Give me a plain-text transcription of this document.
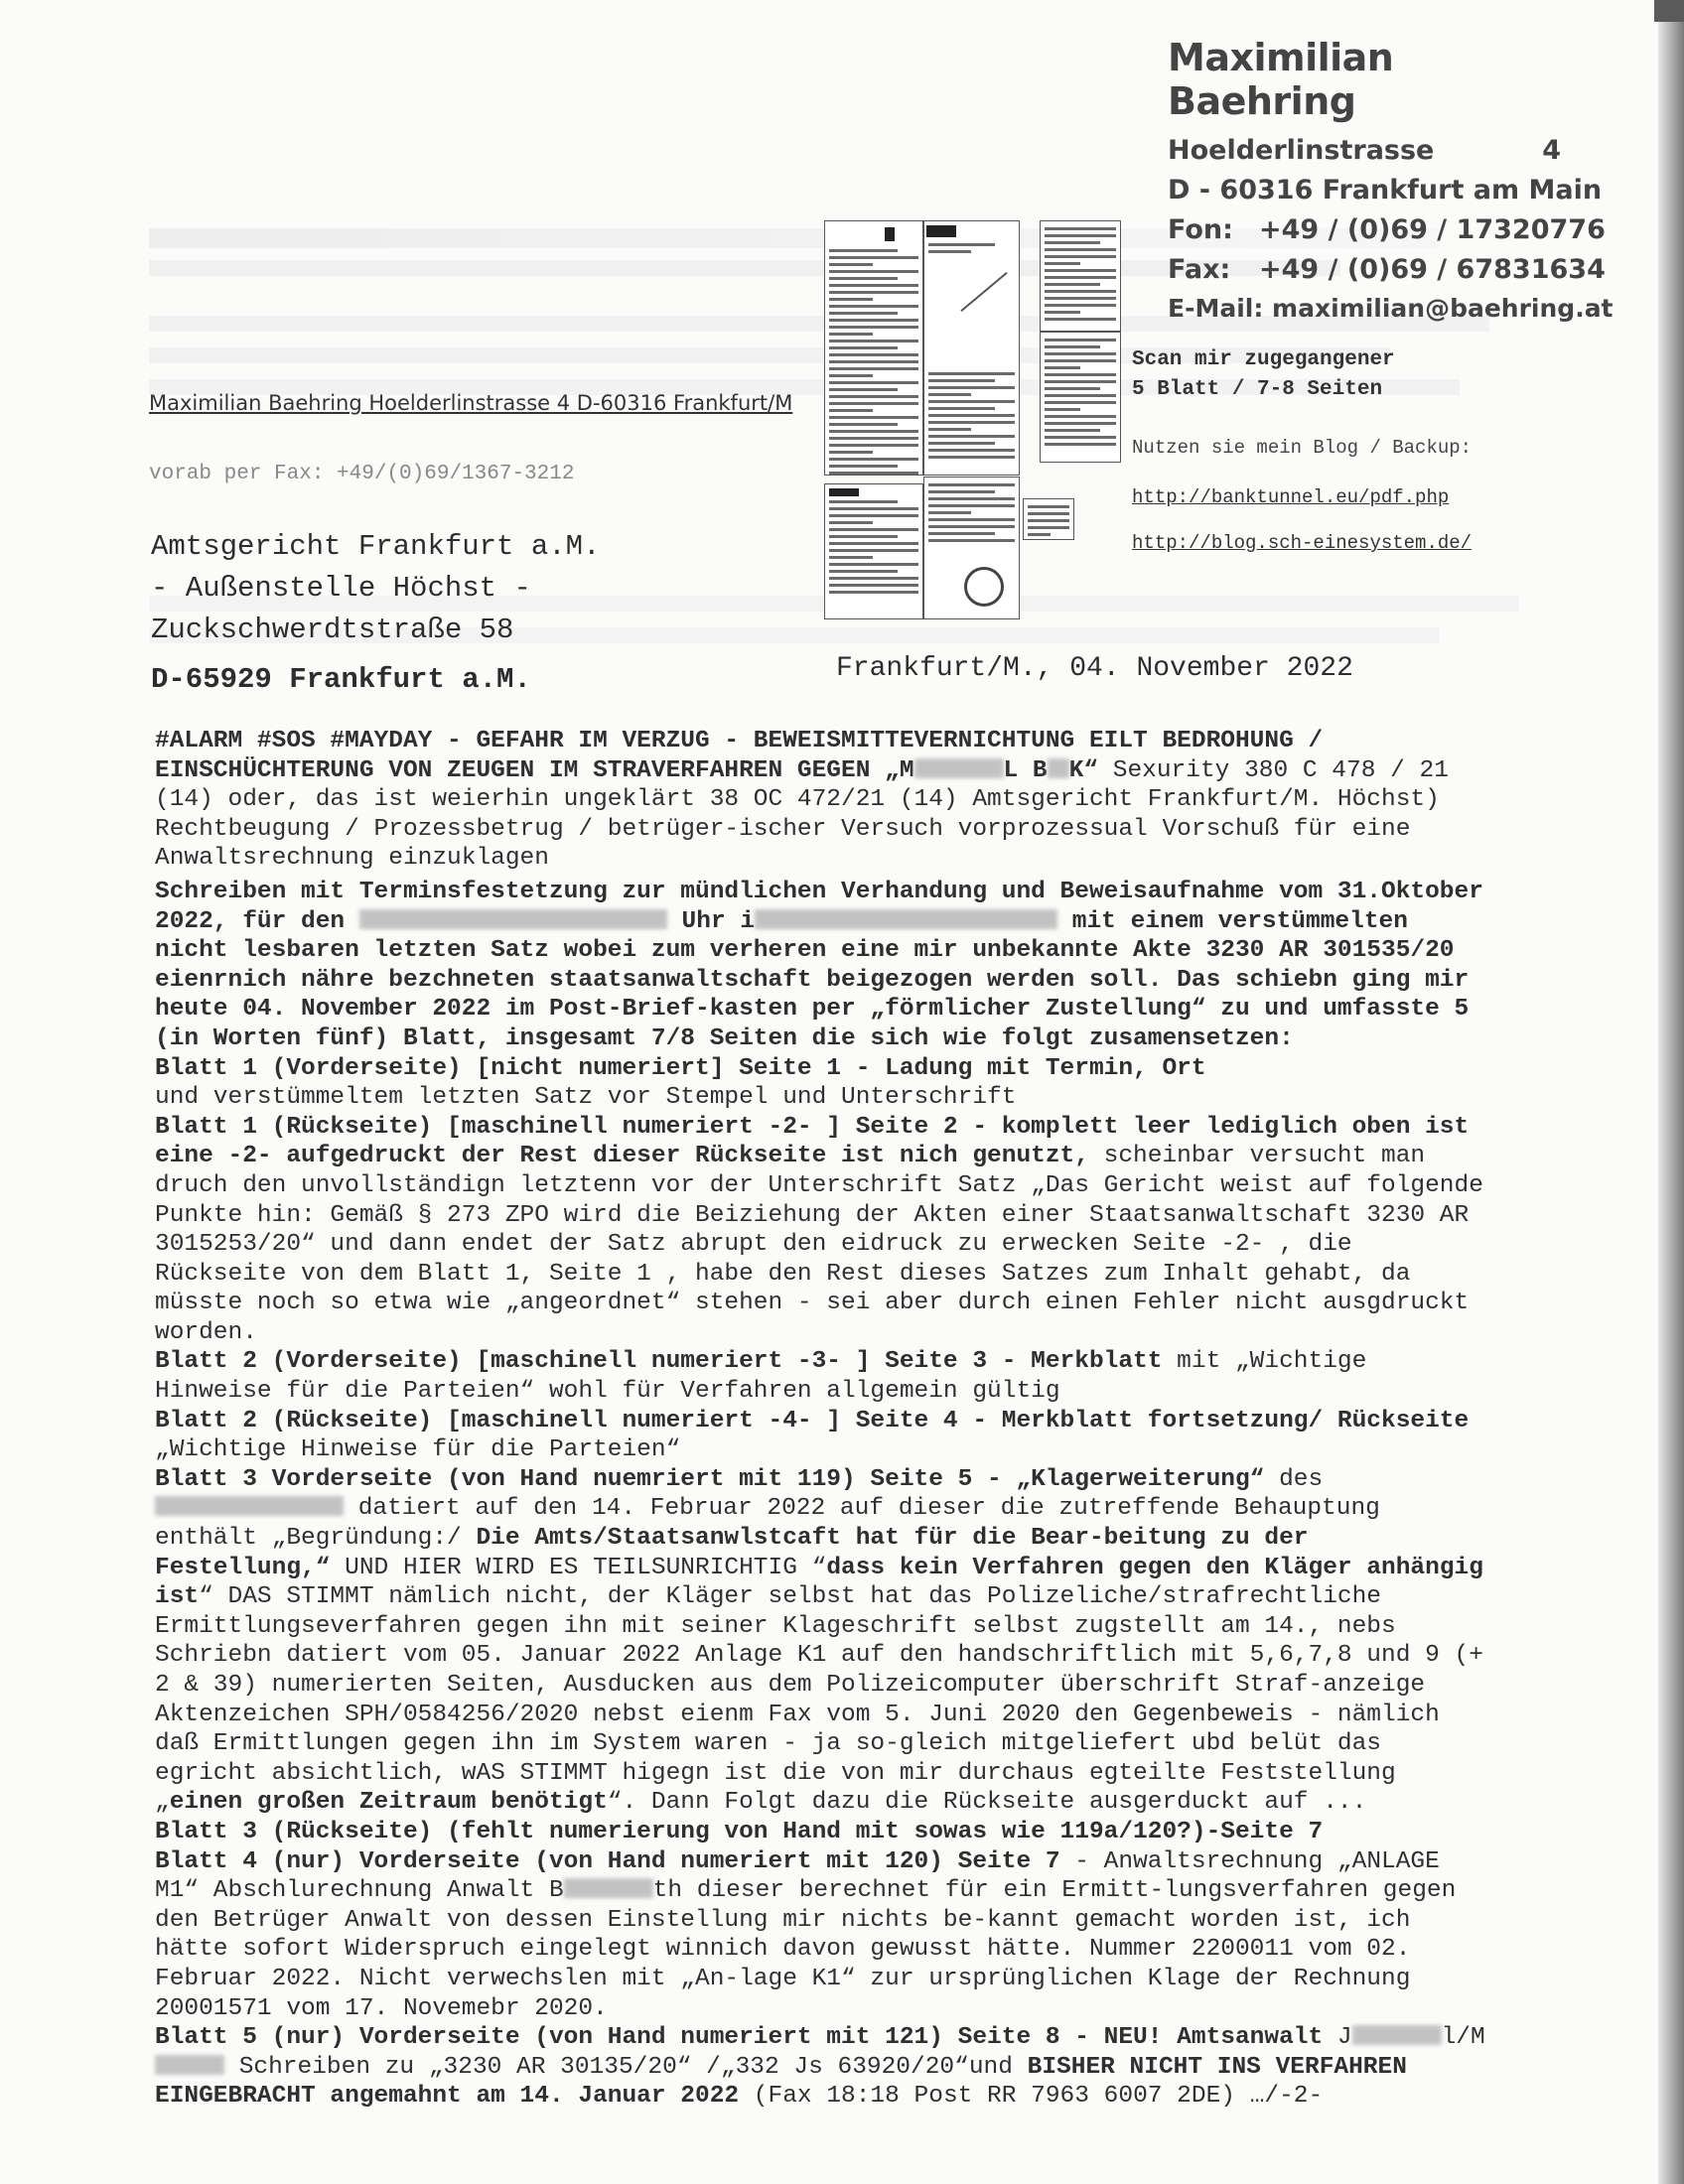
Maximilian Baehring
Hoelderlinstrasse	4
D - 60316 Frankfurt am Main
Fon: +49 / (0)69 / 17320776
Fax: +49 / (0)69 / 67831634
E-Mail: maximilian@baehring.at
Scan mir zugegangener
5 Blatt / 7-8 Seiten
Nutzen sie mein Blog / Backup:
http://banktunnel.eu/pdf.php
http://blog.sch-einesystem.de/
Maximilian Baehring Hoelderlinstrasse 4 D-60316 Frankfurt/M
vorab per Fax: +49/(0)69/1367-3212
Amtsgericht Frankfurt a.M.
- Außenstelle Höchst -
Zuckschwerdtstraße 58
D-65929 Frankfurt a.M.	Frankfurt/M., 04. November 2022

#ALARM #SOS #MAYDAY - GEFAHR IM VERZUG - BEWEISMITTEVERNICHTUNG EILT BEDROHUNG / EINSCHÜCHTERUNG VON ZEUGEN IM STRAVERFAHREN GEGEN „M	L B K“ Sexurity 380 C 478 / 21 (14) oder, das ist weierhin ungeklärt 38 OC 472/21 (14) Amtsgericht Frankfurt/M. Höchst) Rechtbeugung / Prozessbetrug / betrüger-ischer Versuch vorprozessual Vorschuß für eine Anwaltsrechnung einzuklagen

Schreiben mit Terminsfestetzung zur mündlichen Verhandung und Beweisaufnahme vom 31.Oktober 2022, für den	Uhr i	mit einem verstümmelten nicht lesbaren letzten Satz wobei zum verheren eine mir unbekannte Akte 3230 AR 301535/20 eienrnich nähre bezchneten staatsanwaltschaft beigezogen werden soll. Das schiebn ging mir heute 04. November 2022 im Post-Brief-kasten per „förmlicher Zustellung“ zu und umfasste 5 (in Worten fünf) Blatt, insgesamt 7/8 Seiten die sich wie folgt zusamensetzen:

Blatt 1 (Vorderseite) [nicht numeriert] Seite 1 - Ladung mit Termin, Ort
und verstümmeltem letzten Satz vor Stempel und Unterschrift

Blatt 1 (Rückseite) [maschinell numeriert -2- ] Seite 2 - komplett leer lediglich oben ist eine -2- aufgedruckt der Rest dieser Rückseite ist nich genutzt, scheinbar versucht man druch den unvollständign letztenn vor der Unterschrift Satz „Das Gericht weist auf folgende Punkte hin: Gemäß § 273 ZPO wird die Beiziehung der Akten einer Staatsanwaltschaft 3230 AR 3015253/20“ und dann endet der Satz abrupt den eidruck zu erwecken Seite -2- , die Rückseite von dem Blatt 1, Seite 1 , habe den Rest dieses Satzes zum Inhalt gehabt, da müsste noch so etwa wie „angeordnet“ stehen - sei aber durch einen Fehler nicht ausgdruckt worden.

Blatt 2 (Vorderseite) [maschinell numeriert -3- ] Seite 3 - Merkblatt mit „Wichtige Hinweise für die Parteien“ wohl für Verfahren allgemein gültig

Blatt 2 (Rückseite) [maschinell numeriert -4- ] Seite 4 - Merkblatt fortsetzung/ Rückseite „Wichtige Hinweise für die Parteien“

Blatt 3 Vorderseite (von Hand nuemriert mit 119) Seite 5 - „Klagerweiterung“ des  datiert auf den 14. Februar 2022 auf dieser die zutreffende Behauptung enthält „Begründung:/ Die Amts/Staatsanwlstcaft hat für die Bear-beitung zu der Festellung,“ UND HIER WIRD ES TEILSUNRICHTIG “dass kein Verfahren gegen den Kläger anhängig ist“ DAS STIMMT nämlich nicht, der Kläger selbst hat das Polizeliche/strafrechtliche Ermittlungseverfahren gegen ihn mit seiner Klageschrift selbst zugstellt am 14., nebs Schriebn datiert vom 05. Januar 2022 Anlage K1 auf den handschriftlich mit 5,6,7,8 und 9 (+ 2 & 39) numerierten Seiten, Ausducken aus dem Polizeicomputer überschrift Straf-anzeige Aktenzeichen SPH/0584256/2020 nebst eienm Fax vom 5. Juni 2020 den Gegenbeweis - nämlich daß Ermittlungen gegen ihn im System waren - ja so-gleich mitgeliefert ubd belüt das egricht absichtlich, wAS STIMMT higegn ist die von mir durchaus egteilte Feststellung „einen großen Zeitraum benötigt“. Dann Folgt dazu die Rückseite ausgerduckt auf ...

Blatt 3 (Rückseite) (fehlt numerierung von Hand mit sowas wie 119a/120?)-Seite 7

Blatt 4 (nur) Vorderseite (von Hand numeriert mit 120) Seite 7 - Anwaltsrechnung „ANLAGE M1“ Abschlurechnung Anwalt B	th dieser berechnet für ein Ermitt-lungsverfahren gegen den Betrüger Anwalt von dessen Einstellung mir nichts be-kannt gemacht worden ist, ich hätte sofort Widerspruch eingelegt winnich davon gewusst hätte. Nummer 2200011 vom 02. Februar 2022. Nicht verwechslen mit „An-lage K1“ zur ursprünglichen Klage der Rechnung 20001571 vom 17. Novemebr 2020.

Blatt 5 (nur) Vorderseite (von Hand numeriert mit 121) Seite 8 - NEU! Amtsanwalt J	l/M Schreiben zu „3230 AR 30135/20“ /„332 Js 63920/20“und BISHER NICHT INS VERFAHREN EINGEBRACHT angemahnt am 14. Januar 2022 (Fax 18:18 Post RR 7963 6007 2DE) …/-2-
